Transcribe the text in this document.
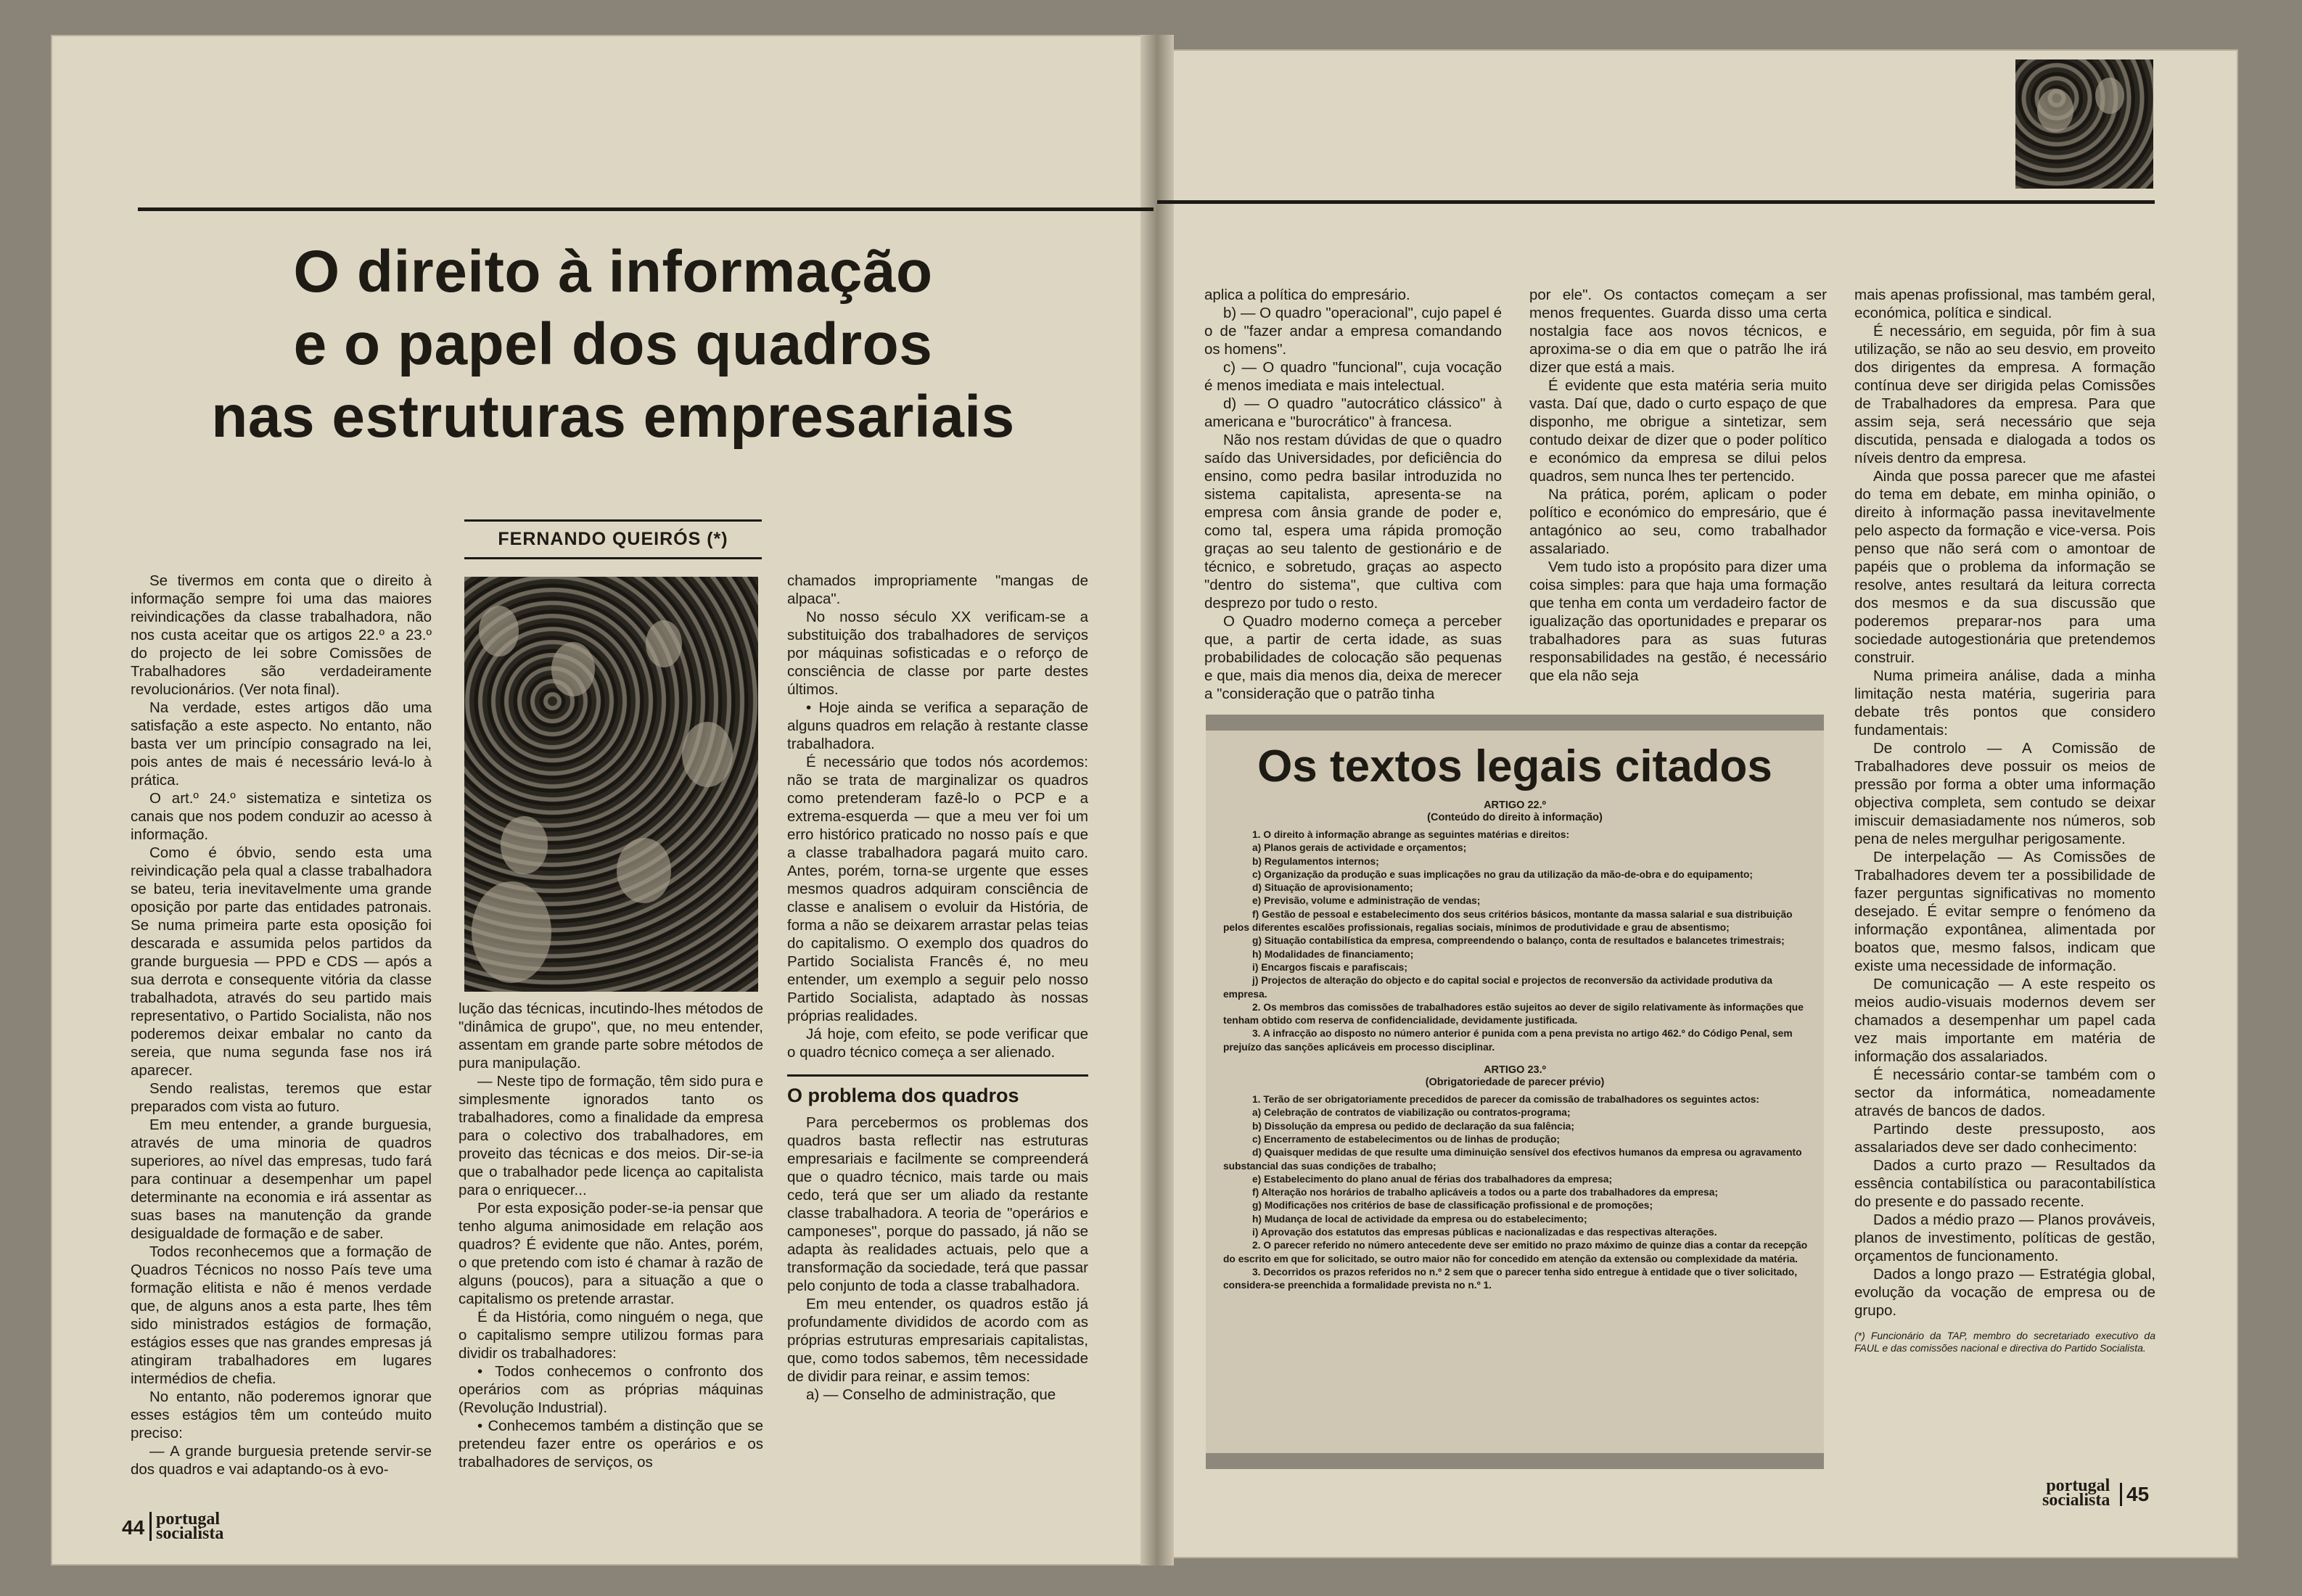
O direito à informação
e o papel dos quadros
nas estruturas empresariais
FERNANDO QUEIRÓS (*)

Se tivermos em conta que o direito à informação sempre foi uma das maiores reivindicações da classe trabalhadora, não nos custa aceitar que os artigos 22.º a 23.º do projecto de lei sobre Comissões de Trabalhadores são verdadeiramente revolucionários. (Ver nota final).

Na verdade, estes artigos dão uma satisfação a este aspecto. No entanto, não basta ver um princípio consagrado na lei, pois antes de mais é necessário levá-lo à prática.

O art.º 24.º sistematiza e sintetiza os canais que nos podem conduzir ao acesso à informação.

Como é óbvio, sendo esta uma reivindicação pela qual a classe trabalhadora se bateu, teria inevitavelmente uma grande oposição por parte das entidades patronais. Se numa primeira parte esta oposição foi descarada e assumida pelos partidos da grande burguesia — PPD e CDS — após a sua derrota e consequente vitória da classe trabalhadota, através do seu partido mais representativo, o Partido Socialista, não nos poderemos deixar embalar no canto da sereia, que numa segunda fase nos irá aparecer.

Sendo realistas, teremos que estar preparados com vista ao futuro.

Em meu entender, a grande burguesia, através de uma minoria de quadros superiores, ao nível das empresas, tudo fará para continuar a desempenhar um papel determinante na economia e irá assentar as suas bases na manutenção da grande desigualdade de formação e de saber.

Todos reconhecemos que a formação de Quadros Técnicos no nosso País teve uma formação elitista e não é menos verdade que, de alguns anos a esta parte, lhes têm sido ministrados estágios de formação, estágios esses que nas grandes empresas já atingiram trabalhadores em lugares intermédios de chefia.

No entanto, não poderemos ignorar que esses estágios têm um conteúdo muito preciso:

— A grande burguesia pretende servir-se dos quadros e vai adaptando-os à evo-

lução das técnicas, incutindo-lhes métodos de "dinâmica de grupo", que, no meu entender, assentam em grande parte sobre métodos de pura manipulação.

— Neste tipo de formação, têm sido pura e simplesmente ignorados tanto os trabalhadores, como a finalidade da empresa para o colectivo dos trabalhadores, em proveito das técnicas e dos meios. Dir-se-ia que o trabalhador pede licença ao capitalista para o enriquecer...

Por esta exposição poder-se-ia pensar que tenho alguma animosidade em relação aos quadros? É evidente que não. Antes, porém, o que pretendo com isto é chamar à razão de alguns (poucos), para a situação a que o capitalismo os pretende arrastar.

É da História, como ninguém o nega, que o capitalismo sempre utilizou formas para dividir os trabalhadores:

• Todos conhecemos o confronto dos operários com as próprias máquinas (Revolução Industrial).

• Conhecemos também a distinção que se pretendeu fazer entre os operários e os trabalhadores de serviços, os

chamados impropriamente "mangas de alpaca".

No nosso século XX verificam-se a substituição dos trabalhadores de serviços por máquinas sofisticadas e o reforço de consciência de classe por parte destes últimos.

• Hoje ainda se verifica a separação de alguns quadros em relação à restante classe trabalhadora.

É necessário que todos nós acordemos: não se trata de marginalizar os quadros como pretenderam fazê-lo o PCP e a extrema-esquerda — que a meu ver foi um erro histórico praticado no nosso país e que a classe trabalhadora pagará muito caro. Antes, porém, torna-se urgente que esses mesmos quadros adquiram consciência de classe e analisem o evoluir da História, de forma a não se deixarem arrastar pelas teias do capitalismo. O exemplo dos quadros do Partido Socialista Francês é, no meu entender, um exemplo a seguir pelo nosso Partido Socialista, adaptado às nossas próprias realidades.

Já hoje, com efeito, se pode verificar que o quadro técnico começa a ser alienado.

O problema dos quadros

Para percebermos os problemas dos quadros basta reflectir nas estruturas empresariais e facilmente se compreenderá que o quadro técnico, mais tarde ou mais cedo, terá que ser um aliado da restante classe trabalhadora. A teoria de "operários e camponeses", porque do passado, já não se adapta às realidades actuais, pelo que a transformação da sociedade, terá que passar pelo conjunto de toda a classe trabalhadora.

Em meu entender, os quadros estão já profundamente divididos de acordo com as próprias estruturas empresariais capitalistas, que, como todos sabemos, têm necessidade de dividir para reinar, e assim temos:

a) — Conselho de administração, que

aplica a política do empresário.

b) — O quadro "operacional", cujo papel é o de "fazer andar a empresa comandando os homens".

c) — O quadro "funcional", cuja vocação é menos imediata e mais intelectual.

d) — O quadro "autocrático clássico" à americana e "burocrático" à francesa.

Não nos restam dúvidas de que o quadro saído das Universidades, por deficiência do ensino, como pedra basilar introduzida no sistema capitalista, apresenta-se na empresa com ânsia grande de poder e, como tal, espera uma rápida promoção graças ao seu talento de gestionário e de técnico, e sobretudo, graças ao aspecto "dentro do sistema", que cultiva com desprezo por tudo o resto.

O Quadro moderno começa a perceber que, a partir de certa idade, as suas probabilidades de colocação são pequenas e que, mais dia menos dia, deixa de merecer a "consideração que o patrão tinha

por ele". Os contactos começam a ser menos frequentes. Guarda disso uma certa nostalgia face aos novos técnicos, e aproxima-se o dia em que o patrão lhe irá dizer que está a mais.

É evidente que esta matéria seria muito vasta. Daí que, dado o curto espaço de que disponho, me obrigue a sintetizar, sem contudo deixar de dizer que o poder político e económico da empresa se dilui pelos quadros, sem nunca lhes ter pertencido.

Na prática, porém, aplicam o poder político e económico do empresário, que é antagónico ao seu, como trabalhador assalariado.

Vem tudo isto a propósito para dizer uma coisa simples: para que haja uma formação que tenha em conta um verdadeiro factor de igualização das oportunidades e preparar os trabalhadores para as suas futuras responsabilidades na gestão, é necessário que ela não seja

mais apenas profissional, mas também geral, económica, política e sindical.

É necessário, em seguida, pôr fim à sua utilização, se não ao seu desvio, em proveito dos dirigentes da empresa. A formação contínua deve ser dirigida pelas Comissões de Trabalhadores da empresa. Para que assim seja, será necessário que seja discutida, pensada e dialogada a todos os níveis dentro da empresa.

Ainda que possa parecer que me afastei do tema em debate, em minha opinião, o direito à informação passa inevitavelmente pelo aspecto da formação e vice-versa. Pois penso que não será com o amontoar de papéis que o problema da informação se resolve, antes resultará da leitura correcta dos mesmos e da sua discussão que poderemos preparar-nos para uma sociedade autogestionária que pretendemos construir.

Numa primeira análise, dada a minha limitação nesta matéria, sugeriria para debate três pontos que considero fundamentais:

De controlo — A Comissão de Trabalhadores deve possuir os meios de pressão por forma a obter uma informação objectiva completa, sem contudo se deixar imiscuir demasiadamente nos números, sob pena de neles mergulhar perigosamente.

De interpelação — As Comissões de Trabalhadores devem ter a possibilidade de fazer perguntas significativas no momento desejado. É evitar sempre o fenómeno da informação expontânea, alimentada por boatos que, mesmo falsos, indicam que existe uma necessidade de informação.

De comunicação — A este respeito os meios audio-visuais modernos devem ser chamados a desempenhar um papel cada vez mais importante em matéria de informação dos assalariados.

É necessário contar-se também com o sector da informática, nomeadamente através de bancos de dados.

Partindo deste pressuposto, aos assalariados deve ser dado conhecimento:

Dados a curto prazo — Resultados da essência contabilística ou paracontabilística do presente e do passado recente.

Dados a médio prazo — Planos prováveis, planos de investimento, políticas de gestão, orçamentos de funcionamento.

Dados a longo prazo — Estratégia global, evolução da vocação de empresa ou de grupo.

(*) Funcionário da TAP, membro do secretariado executivo da FAUL e das comissões nacional e directiva do Partido Socialista.
Os textos legais citados
ARTIGO 22.º
(Conteúdo do direito à informação)
1. O direito à informação abrange as seguintes matérias e direitos:
a) Planos gerais de actividade e orçamentos;
b) Regulamentos internos;
c) Organização da produção e suas implicações no grau da utilização da mão-de-obra e do equipamento;
d) Situação de aprovisionamento;
e) Previsão, volume e administração de vendas;
f) Gestão de pessoal e estabelecimento dos seus critérios básicos, montante da massa salarial e sua distribuição pelos diferentes escalões profissionais, regalias sociais, mínimos de produtividade e grau de absentismo;
g) Situação contabilística da empresa, compreendendo o balanço, conta de resultados e balancetes trimestrais;
h) Modalidades de financiamento;
i) Encargos fiscais e parafiscais;
j) Projectos de alteração do objecto e do capital social e projectos de reconversão da actividade produtiva da empresa.
2. Os membros das comissões de trabalhadores estão sujeitos ao dever de sigilo relativamente às informações que tenham obtido com reserva de confidencialidade, devidamente justificada.
3. A infracção ao disposto no número anterior é punida com a pena prevista no artigo 462.º do Código Penal, sem prejuízo das sanções aplicáveis em processo disciplinar.
ARTIGO 23.º
(Obrigatoriedade de parecer prévio)
1. Terão de ser obrigatoriamente precedidos de parecer da comissão de trabalhadores os seguintes actos:
a) Celebração de contratos de viabilização ou contratos-programa;
b) Dissolução da empresa ou pedido de declaração da sua falência;
c) Encerramento de estabelecimentos ou de linhas de produção;
d) Quaisquer medidas de que resulte uma diminuição sensível dos efectivos humanos da empresa ou agravamento substancial das suas condições de trabalho;
e) Estabelecimento do plano anual de férias dos trabalhadores da empresa;
f) Alteração nos horários de trabalho aplicáveis a todos ou a parte dos trabalhadores da empresa;
g) Modificações nos critérios de base de classificação profissional e de promoções;
h) Mudança de local de actividade da empresa ou do estabelecimento;
i) Aprovação dos estatutos das empresas públicas e nacionalizadas e das respectivas alterações.
2. O parecer referido no número antecedente deve ser emitido no prazo máximo de quinze dias a contar da recepção do escrito em que for solicitado, se outro maior não for concedido em atenção da extensão ou complexidade da matéria.
3. Decorridos os prazos referidos no n.º 2 sem que o parecer tenha sido entregue à entidade que o tiver solicitado, considera-se preenchida a formalidade prevista no n.º 1.
44 portugal
socialista
portugal
socialista 45
